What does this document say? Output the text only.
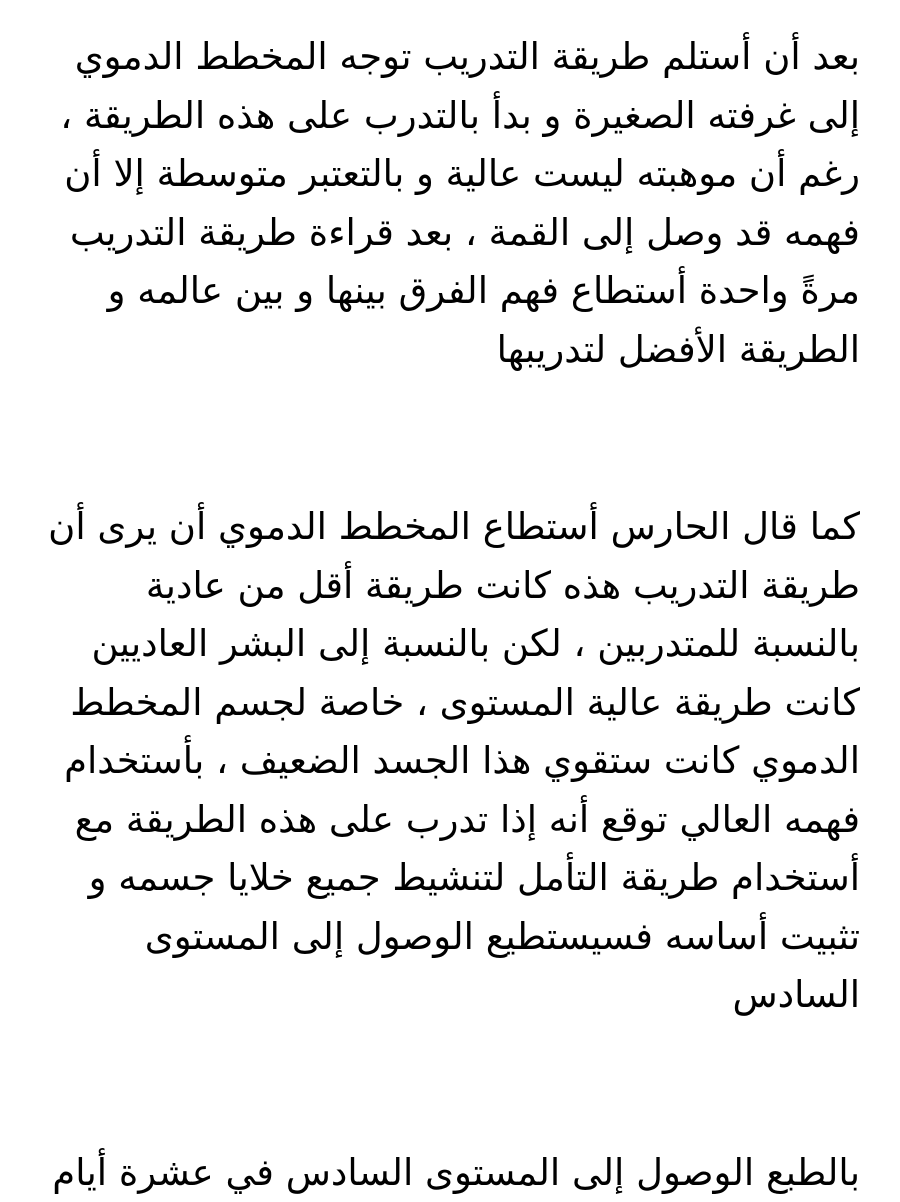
بعد أن أستلم طريقة التدريب توجه المخطط الدموي
إلى غرفته الصغيرة و بدأ بالتدرب على هذه الطريقة ،
رغم أن موهبته ليست عالية و بالتعتبر متوسطة إلا أن
فهمه قد وصل إلى القمة ، بعد قراءة طريقة التدريب
مرةً واحدة أستطاع فهم الفرق بينها و بين عالمه و
الطريقة الأفضل لتدريبها
كما قال الحارس أستطاع المخطط الدموي أن يرى أن
طريقة التدريب هذه كانت طريقة أقل من عادية
بالنسبة للمتدربين ، لكن بالنسبة إلى البشر العاديين
كانت طريقة عالية المستوى ، خاصة لجسم المخطط
الدموي كانت ستقوي هذا الجسد الضعيف ، بأستخدام
فهمه العالي توقع أنه إذا تدرب على هذه الطريقة مع
أستخدام طريقة التأمل لتنشيط جميع خلايا جسمه و
تثبيت أساسه فسيستطيع الوصول إلى المستوى
السادس
بالطبع الوصول إلى المستوى السادس في عشرة أيام
